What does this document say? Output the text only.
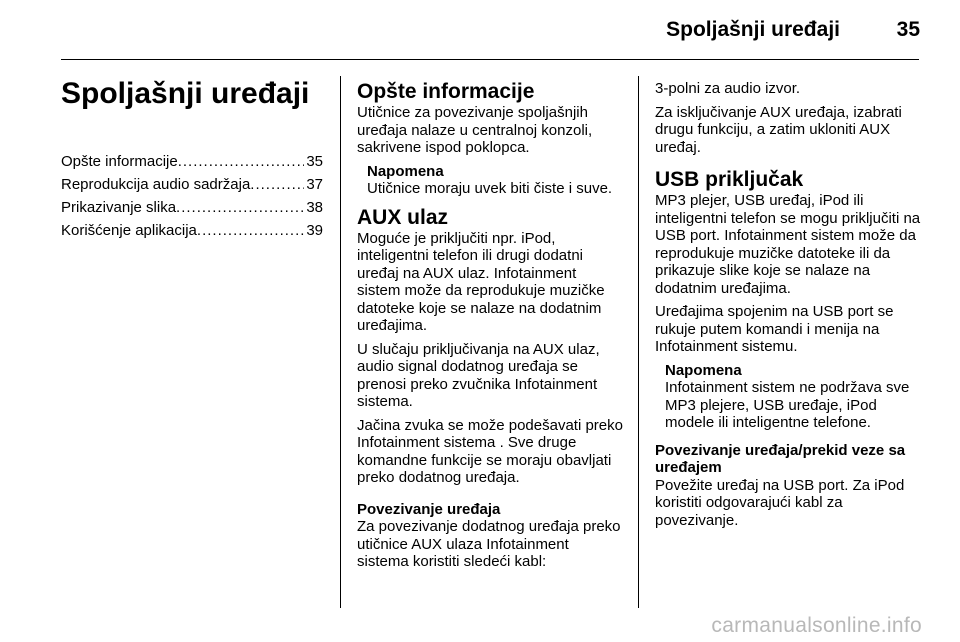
Spoljašnji uređaji	35
Spoljašnji uređaji
Opšte informacije .....	35
Reprodukcija audio sadržaja .....	37
Prikazivanje slika .....	38
Korišćenje aplikacija .....	39
Opšte informacije

Utičnice za povezivanje spoljašnjih uređaja nalaze u centralnoj konzoli, sakrivene ispod poklopca.

Napomena

Utičnice moraju uvek biti čiste i suve.

AUX ulaz

Moguće je priključiti npr. iPod, inteligentni telefon ili drugi dodatni uređaj na AUX ulaz. Infotainment sistem može da reprodukuje muzičke datoteke koje se nalaze na dodatnim uređajima.

U slučaju priključivanja na AUX ulaz, audio signal dodatnog uređaja se prenosi preko zvučnika Infotainment sistema.

Jačina zvuka se može podešavati preko Infotainment sistema . Sve druge komandne funkcije se moraju obavljati preko dodatnog uređaja.

Povezivanje uređaja

Za povezivanje dodatnog uređaja preko utičnice AUX ulaza Infotainment sistema koristiti sledeći kabl:

3-polni za audio izvor.

Za isključivanje AUX uređaja, izabrati drugu funkciju, a zatim ukloniti AUX uređaj.

USB priključak

MP3 plejer, USB uređaj, iPod ili inteligentni telefon se mogu priključiti na USB port. Infotainment sistem može da reprodukuje muzičke datoteke ili da prikazuje slike koje se nalaze na dodatnim uređajima.

Uređajima spojenim na USB port se rukuje putem komandi i menija na Infotainment sistemu.

Napomena

Infotainment sistem ne podržava sve MP3 plejere, USB uređaje, iPod modele ili inteligentne telefone.

Povezivanje uređaja/prekid veze sa uređajem

Povežite uređaj na USB port. Za iPod koristiti odgovarajući kabl za povezivanje.

carmanualsonline.info
